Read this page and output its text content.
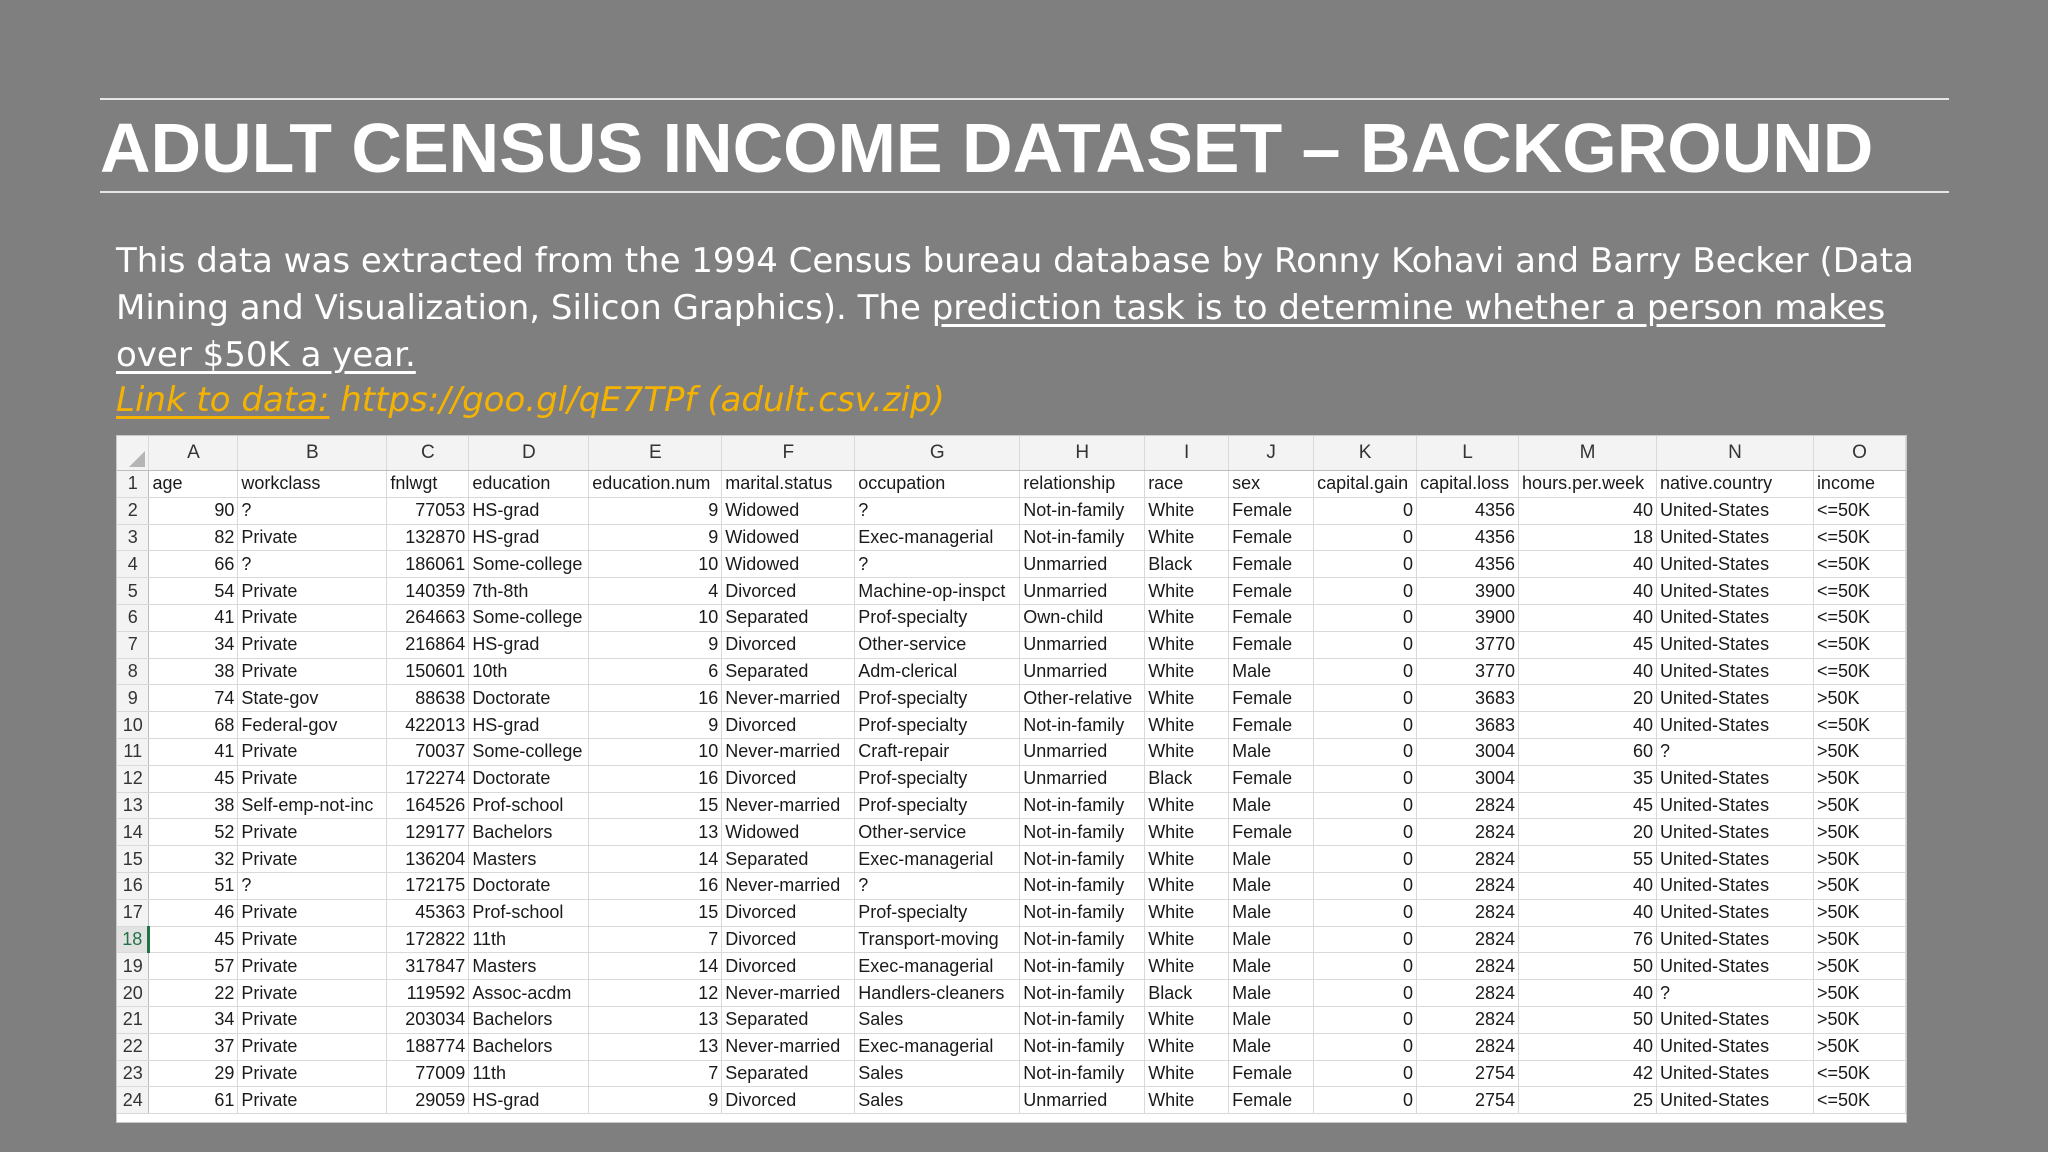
ADULT CENSUS INCOME DATASET – BACKGROUND
This data was extracted from the 1994 Census bureau database by Ronny Kohavi and Barry Becker (Data Mining and Visualization, Silicon Graphics). The prediction task is to determine whether a person makes over $50K a year.
Link to data: https://goo.gl/qE7TPf (adult.csv.zip)
	A	B	C	D	E	F	G	H	I	J	K	L	M	N	O
1	age	workclass	fnlwgt	education	education.num	marital.status	occupation	relationship	race	sex	capital.gain	capital.loss	hours.per.week	native.country	income
2	90	?	77053	HS-grad	9	Widowed	?	Not-in-family	White	Female	0	4356	40	United-States	<=50K
3	82	Private	132870	HS-grad	9	Widowed	Exec-managerial	Not-in-family	White	Female	0	4356	18	United-States	<=50K
4	66	?	186061	Some-college	10	Widowed	?	Unmarried	Black	Female	0	4356	40	United-States	<=50K
5	54	Private	140359	7th-8th	4	Divorced	Machine-op-inspct	Unmarried	White	Female	0	3900	40	United-States	<=50K
6	41	Private	264663	Some-college	10	Separated	Prof-specialty	Own-child	White	Female	0	3900	40	United-States	<=50K
7	34	Private	216864	HS-grad	9	Divorced	Other-service	Unmarried	White	Female	0	3770	45	United-States	<=50K
8	38	Private	150601	10th	6	Separated	Adm-clerical	Unmarried	White	Male	0	3770	40	United-States	<=50K
9	74	State-gov	88638	Doctorate	16	Never-married	Prof-specialty	Other-relative	White	Female	0	3683	20	United-States	>50K
10	68	Federal-gov	422013	HS-grad	9	Divorced	Prof-specialty	Not-in-family	White	Female	0	3683	40	United-States	<=50K
11	41	Private	70037	Some-college	10	Never-married	Craft-repair	Unmarried	White	Male	0	3004	60	?	>50K
12	45	Private	172274	Doctorate	16	Divorced	Prof-specialty	Unmarried	Black	Female	0	3004	35	United-States	>50K
13	38	Self-emp-not-inc	164526	Prof-school	15	Never-married	Prof-specialty	Not-in-family	White	Male	0	2824	45	United-States	>50K
14	52	Private	129177	Bachelors	13	Widowed	Other-service	Not-in-family	White	Female	0	2824	20	United-States	>50K
15	32	Private	136204	Masters	14	Separated	Exec-managerial	Not-in-family	White	Male	0	2824	55	United-States	>50K
16	51	?	172175	Doctorate	16	Never-married	?	Not-in-family	White	Male	0	2824	40	United-States	>50K
17	46	Private	45363	Prof-school	15	Divorced	Prof-specialty	Not-in-family	White	Male	0	2824	40	United-States	>50K
18	45	Private	172822	11th	7	Divorced	Transport-moving	Not-in-family	White	Male	0	2824	76	United-States	>50K
19	57	Private	317847	Masters	14	Divorced	Exec-managerial	Not-in-family	White	Male	0	2824	50	United-States	>50K
20	22	Private	119592	Assoc-acdm	12	Never-married	Handlers-cleaners	Not-in-family	Black	Male	0	2824	40	?	>50K
21	34	Private	203034	Bachelors	13	Separated	Sales	Not-in-family	White	Male	0	2824	50	United-States	>50K
22	37	Private	188774	Bachelors	13	Never-married	Exec-managerial	Not-in-family	White	Male	0	2824	40	United-States	>50K
23	29	Private	77009	11th	7	Separated	Sales	Not-in-family	White	Female	0	2754	42	United-States	<=50K
24	61	Private	29059	HS-grad	9	Divorced	Sales	Unmarried	White	Female	0	2754	25	United-States	<=50K
